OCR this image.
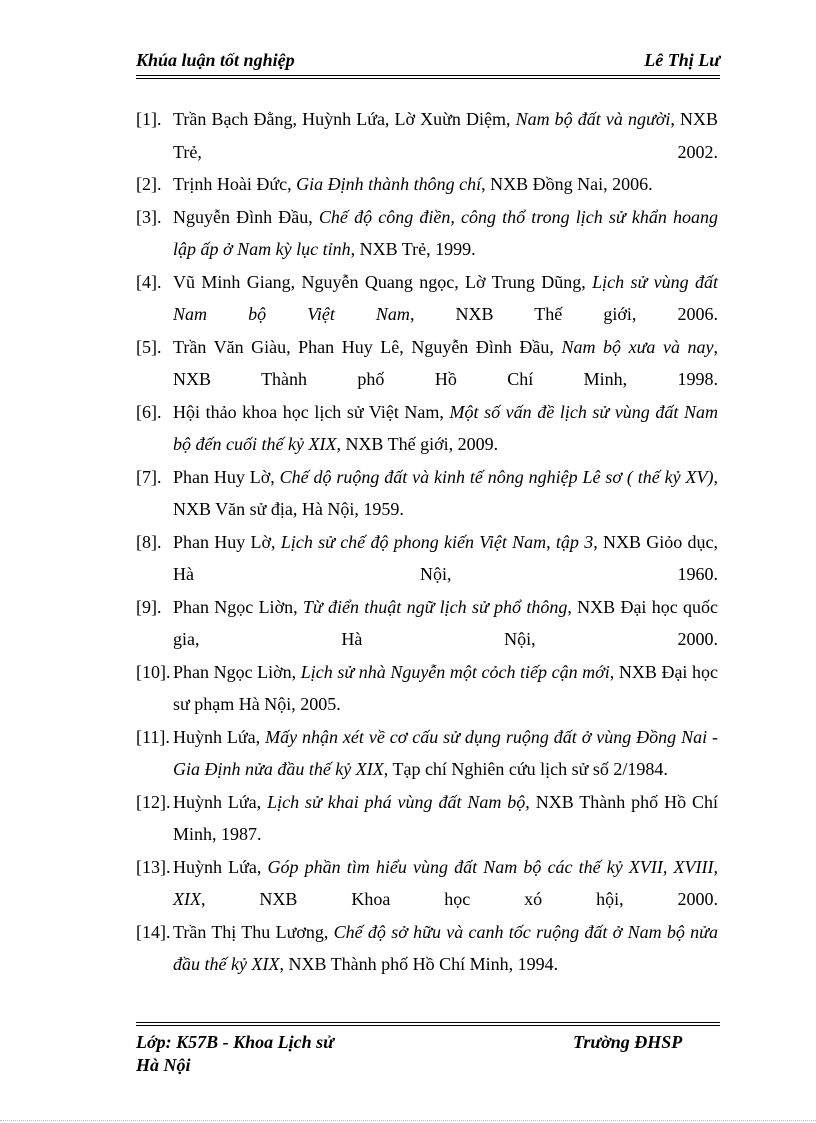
Khúa luận tốt nghiệp	Lê Thị Lư
[1]. Trần Bạch Đằng, Huỳnh Lứa, Lờ Xuừn Diệm, Nam bộ đất và người, NXB Trẻ, 2002.
[2]. Trịnh Hoài Đức, Gia Định thành thông chí, NXB Đồng Nai, 2006.
[3]. Nguyễn Đình Đầu, Chế độ công điền, công thổ trong lịch sử khẩn hoang lập ấp ở Nam kỳ lục tỉnh, NXB Trẻ, 1999.
[4]. Vũ Minh Giang, Nguyễn Quang ngọc, Lờ Trung Dũng, Lịch sử vùng đất Nam bộ Việt Nam, NXB Thế giới, 2006.
[5]. Trần Văn Giàu, Phan Huy Lê, Nguyễn Đình Đầu, Nam bộ xưa và nay, NXB Thành phố Hồ Chí Minh, 1998.
[6]. Hội thảo khoa học lịch sử Việt Nam, Một số vấn đề lịch sử vùng đất Nam bộ đến cuối thế kỷ XIX, NXB Thế giới, 2009.
[7]. Phan Huy Lờ, Chế dộ ruộng đất và kinh tế nông nghiệp Lê sơ ( thế kỷ XV), NXB Văn sử địa, Hà Nội, 1959.
[8]. Phan Huy Lờ, Lịch sử chế độ phong kiến Việt Nam, tập 3, NXB Giỏo dục, Hà Nội, 1960.
[9]. Phan Ngọc Liờn, Từ điển thuật ngữ lịch sử phổ thông, NXB Đại học quốc gia, Hà Nội, 2000.
[10]. Phan Ngọc Liờn, Lịch sử nhà Nguyễn một cỏch tiếp cận mới, NXB Đại học sư phạm Hà Nội, 2005.
[11]. Huỳnh Lứa, Mấy nhận xét về cơ cấu sử dụng ruộng đất ở vùng Đồng Nai - Gia Định nửa đầu thế kỷ XIX, Tạp chí Nghiên cứu lịch sử số 2/1984.
[12]. Huỳnh Lứa, Lịch sử khai phá vùng đất Nam bộ, NXB Thành phố Hồ Chí Minh, 1987.
[13]. Huỳnh Lứa, Góp phần tìm hiểu vùng đất Nam bộ các thế kỷ XVII, XVIII, XIX, NXB Khoa học xó hội, 2000.
[14]. Trần Thị Thu Lương, Chế độ sở hữu và canh tốc ruộng đất ở Nam bộ nửa đầu thế kỷ XIX, NXB Thành phố Hồ Chí Minh, 1994.
Lớp: K57B - Khoa Lịch sử
Hà Nội
Trường ĐHSP
